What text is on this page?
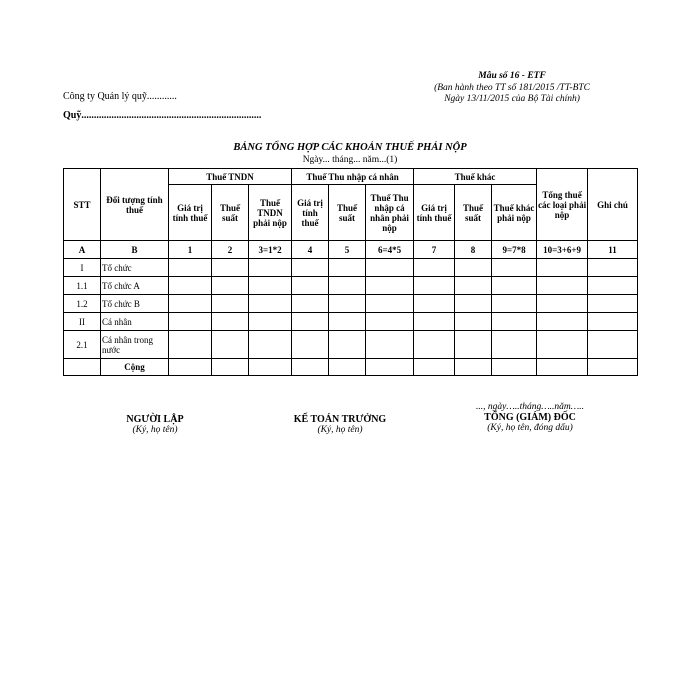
Công ty Quản lý quỹ............
Quỹ........................................................................
Mẫu số 16 - ETF
(Ban hành theo TT số 181/2015 /TT-BTC
Ngày 13/11/2015 của Bộ Tài chính)
BẢNG TỔNG HỢP CÁC KHOẢN THUẾ PHẢI NỘP
Ngày... tháng... năm...(1)
STT	Đối tượng tính thuế	Thuế TNDN			Thuế Thu nhập cá nhân			Thuế khác			Tổng thuế các loại phải nộp	Ghi chú
		Giá trị tính thuế	Thuế suất	Thuế TNDN phải nộp	Giá trị tính thuế	Thuế suất	Thuế Thu nhập cá nhân phải nộp	Giá trị tính thuế	Thuế suất	Thuế khác phải nộp		
A	B	1	2	3=1*2	4	5	6=4*5	7	8	9=7*8	10=3+6+9	11
I	Tổ chức											
1.1	Tổ chức A											
1.2	Tổ chức B											
II	Cá nhân											
2.1	Cá nhân trong nước											
	Cộng											
NGƯỜI LẬP
(Ký, họ tên)
KẾ TOÁN TRƯỞNG
(Ký, họ tên)
..., ngày…..tháng…..năm…..
TỔNG (GIÁM) ĐỐC
(Ký, họ tên, đóng dấu)
